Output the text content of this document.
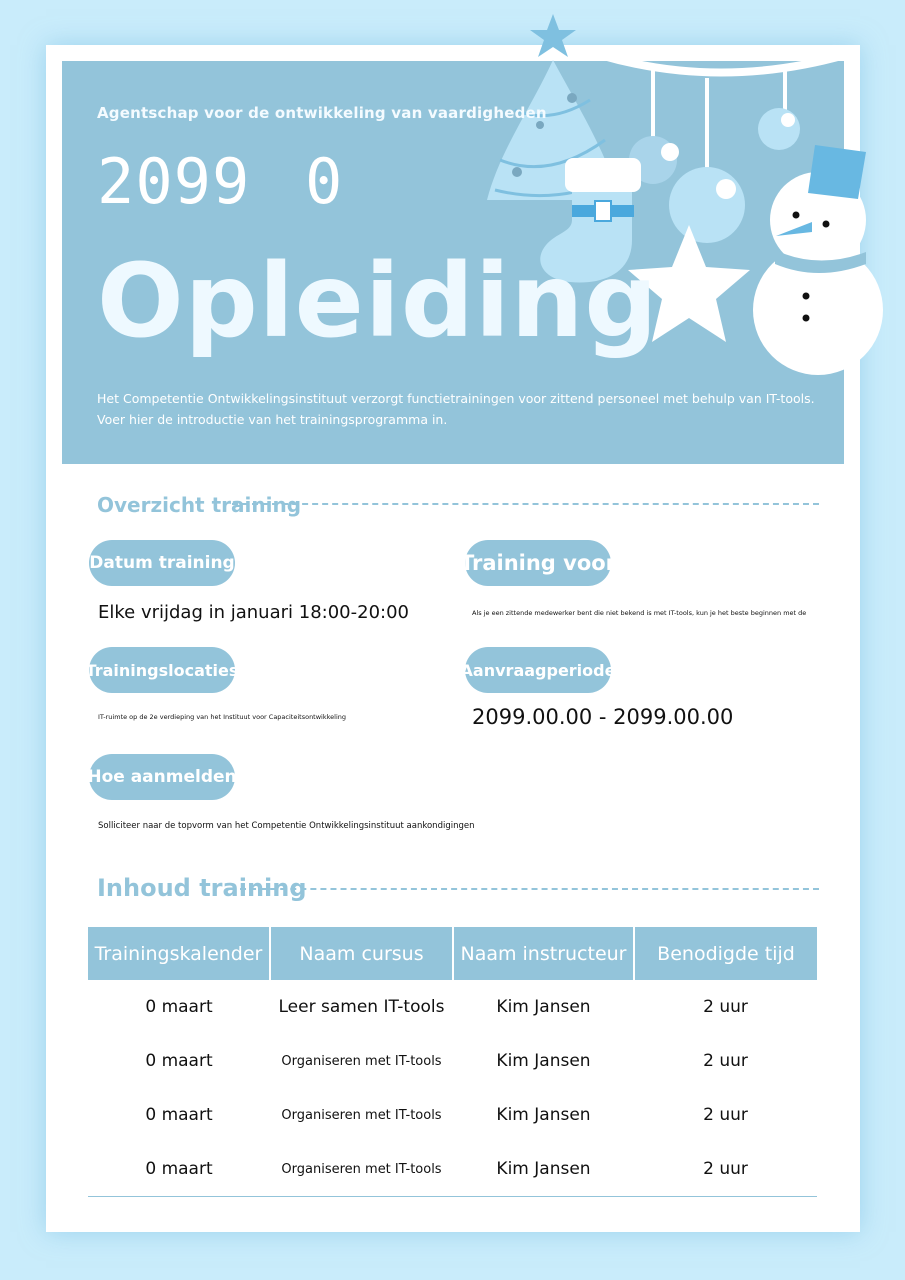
Agentschap voor de ontwikkeling van vaardigheden
2099 0
Opleiding
Het Competentie Ontwikkelingsinstituut verzorgt functietrainingen voor zittend personeel met behulp van IT-tools.
Voer hier de introductie van het trainingsprogramma in.
Overzicht training
Datum training
Elke vrijdag in januari 18:00-20:00
Training voor
Als je een zittende medewerker bent die niet bekend is met IT-tools, kun je het beste beginnen met de
Trainingslocaties
IT-ruimte op de 2e verdieping van het Instituut voor Capaciteitsontwikkeling
Aanvraagperiode
2099.00.00 - 2099.00.00
Hoe aanmelden
Solliciteer naar de topvorm van het Competentie Ontwikkelingsinstituut aankondigingen
Inhoud training
Trainingskalender	Naam cursus	Naam instructeur	Benodigde tijd
0 maart	Leer samen IT-tools	Kim Jansen	2 uur
0 maart	Organiseren met IT-tools	Kim Jansen	2 uur
0 maart	Organiseren met IT-tools	Kim Jansen	2 uur
0 maart	Organiseren met IT-tools	Kim Jansen	2 uur
